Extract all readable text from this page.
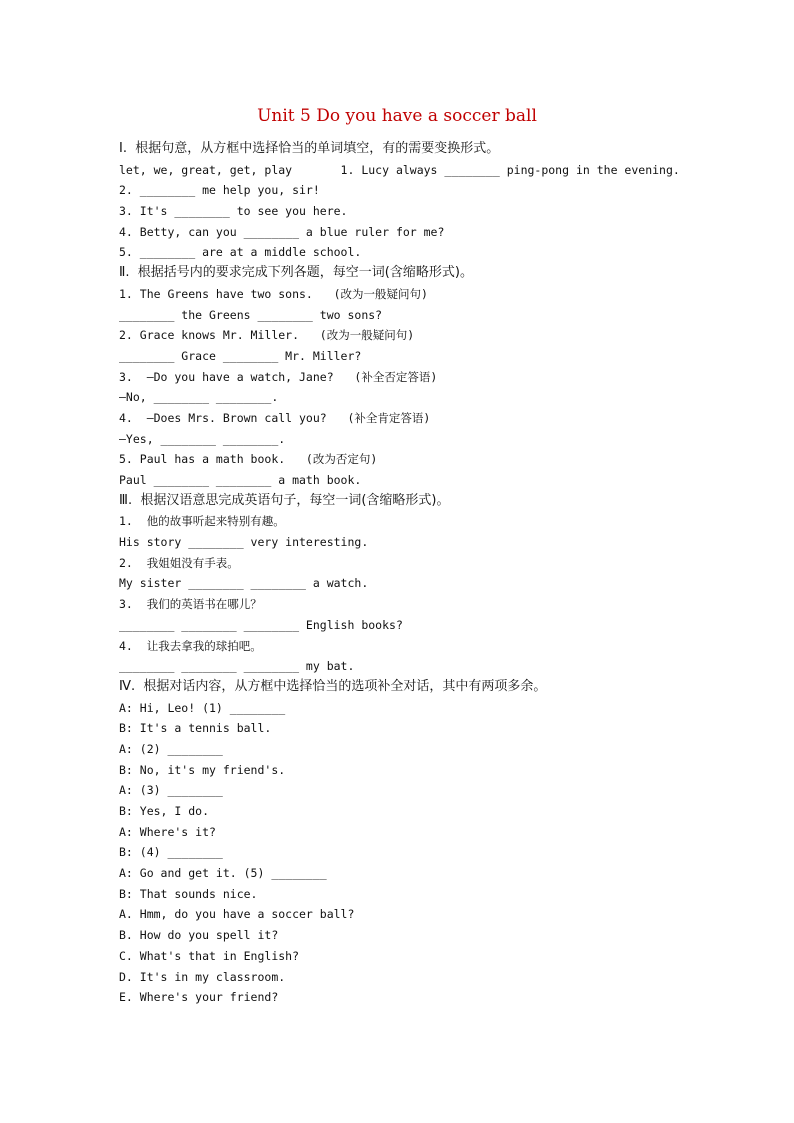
Unit 5 Do you have a soccer ball
Ⅰ.  根据句意，从方框中选择恰当的单词填空，有的需要变换形式。
let, we, great, get, play       1. Lucy always ________ ping-pong in the evening.
2. ________ me help you, sir!
3. It's ________ to see you here.
4. Betty, can you ________ a blue ruler for me?
5. ________ are at a middle school.
Ⅱ.  根据括号内的要求完成下列各题，每空一词(含缩略形式)。
1. The Greens have two sons.   (改为一般疑问句)
________ the Greens ________ two sons?
2. Grace knows Mr. Miller.   (改为一般疑问句)
________ Grace ________ Mr. Miller?
3.  —Do you have a watch, Jane?   (补全否定答语)
—No, ________ ________.
4.  —Does Mrs. Brown call you?   (补全肯定答语)
—Yes, ________ ________.
5. Paul has a math book.   (改为否定句)
Paul ________ ________ a math book.
Ⅲ.  根据汉语意思完成英语句子，每空一词(含缩略形式)。
1.  他的故事听起来特别有趣。
His story ________ very interesting.
2.  我姐姐没有手表。
My sister ________ ________ a watch.
3.  我们的英语书在哪儿？
________ ________ ________ English books?
4.  让我去拿我的球拍吧。
________ ________ ________ my bat.
Ⅳ.  根据对话内容，从方框中选择恰当的选项补全对话，其中有两项多余。
A: Hi, Leo! (1) ________
B: It's a tennis ball.
A: (2) ________
B: No, it's my friend's.
A: (3) ________
B: Yes, I do.
A: Where's it?
B: (4) ________
A: Go and get it. (5) ________
B: That sounds nice.
A. Hmm, do you have a soccer ball?
B. How do you spell it?
C. What's that in English?
D. It's in my classroom.
E. Where's your friend?
